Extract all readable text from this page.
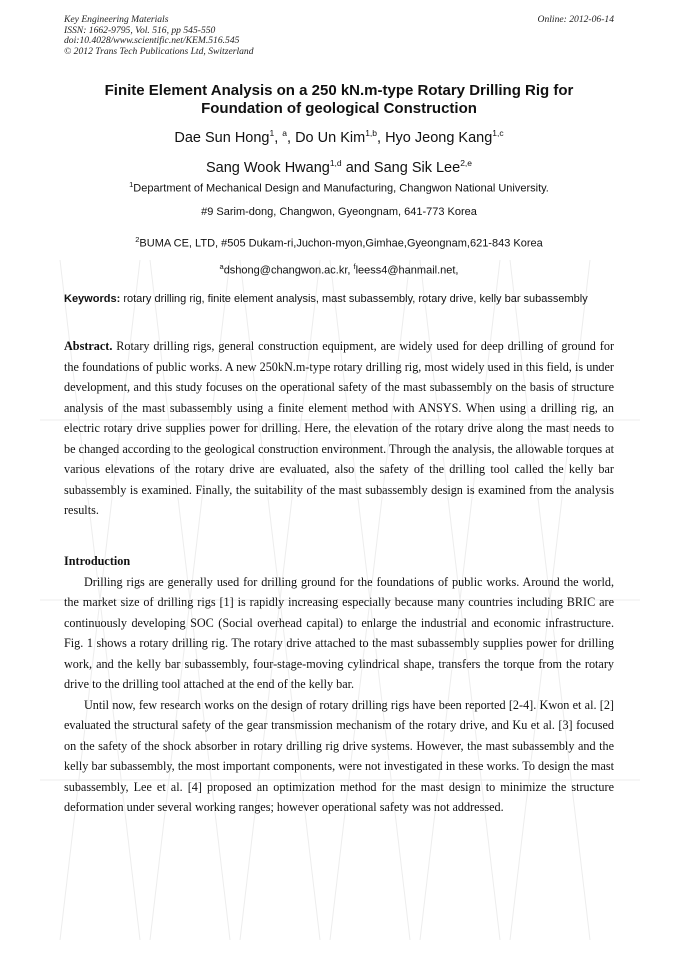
Key Engineering Materials
ISSN: 1662-9795, Vol. 516, pp 545-550
doi:10.4028/www.scientific.net/KEM.516.545
© 2012 Trans Tech Publications Ltd, Switzerland
Online: 2012-06-14
Finite Element Analysis on a 250 kN.m-type Rotary Drilling Rig for
Foundation of geological Construction
Dae Sun Hong$^1$, $^a$, Do Un Kim$^{1,b}$, Hyo Jeong Kang$^{1,c}$
Sang Wook Hwang$^{1,d}$ and Sang Sik Lee$^{2,e}$
$^1$Department of Mechanical Design and Manufacturing, Changwon National University.
#9 Sarim-dong, Changwon, Gyeongnam, 641-773 Korea
$^2$BUMA CE, LTD, #505 Dukam-ri,Juchon-myon,Gimhae,Gyeongnam,621-843 Korea
$^a$dshong@changwon.ac.kr, $^f$leess4@hanmail.net,
Keywords: rotary drilling rig, finite element analysis, mast subassembly, rotary drive, kelly bar subassembly

Abstract. Rotary drilling rigs, general construction equipment, are widely used for deep drilling of ground for the foundations of public works. A new 250kN.m-type rotary drilling rig, most widely used in this field, is under development, and this study focuses on the operational safety of the mast subassembly on the basis of structure analysis of the mast subassembly using a finite element method with ANSYS. When using a drilling rig, an electric rotary drive supplies power for drilling. Here, the elevation of the rotary drive along the mast needs to be changed according to the geological construction environment. Through the analysis, the allowable torques at various elevations of the rotary drive are evaluated, also the safety of the drilling tool called the kelly bar subassembly is examined. Finally, the suitability of the mast subassembly design is examined from the analysis results.

Introduction

Drilling rigs are generally used for drilling ground for the foundations of public works. Around the world, the market size of drilling rigs [1] is rapidly increasing especially because many countries including BRIC are continuously developing SOC (Social overhead capital) to enlarge the industrial and economic infrastructure. Fig. 1 shows a rotary drilling rig. The rotary drive attached to the mast subassembly supplies power for drilling work, and the kelly bar subassembly, four-stage-moving cylindrical shape, transfers the torque from the rotary drive to the drilling tool attached at the end of the kelly bar.

Until now, few research works on the design of rotary drilling rigs have been reported [2-4]. Kwon et al. [2] evaluated the structural safety of the gear transmission mechanism of the rotary drive, and Ku et al. [3] focused on the safety of the shock absorber in rotary drilling rig drive systems. However, the mast subassembly and the kelly bar subassembly, the most important components, were not investigated in these works. To design the mast subassembly, Lee et al. [4] proposed an optimization method for the mast design to minimize the structure deformation under several working ranges; however operational safety was not addressed.
